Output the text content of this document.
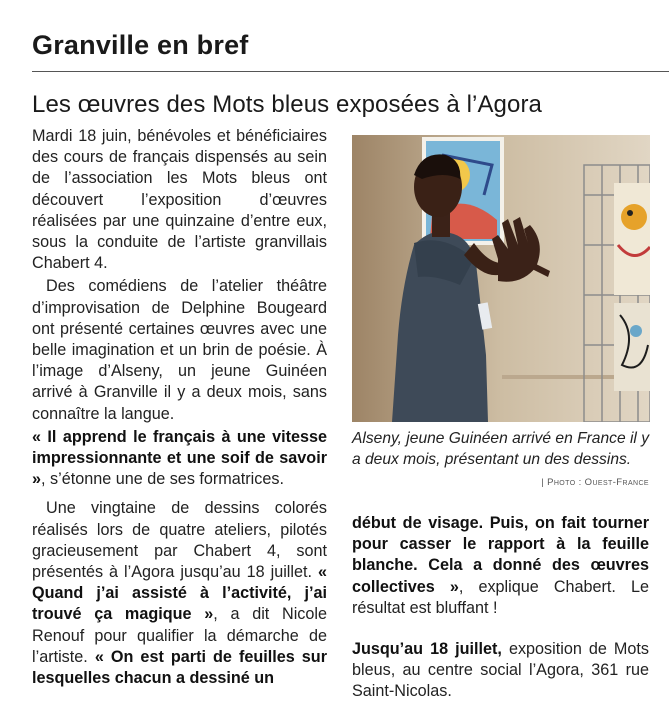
Granville en bref
Les œuvres des Mots bleus exposées à l’Agora

Mardi 18 juin, bénévoles et bénéficiaires des cours de français dispensés au sein de l’association les Mots bleus ont découvert l’exposition d’œuvres réalisées par une quinzaine d’entre eux, sous la conduite de l’artiste granvillais Chabert 4.

Des comédiens de l’atelier théâtre d’improvisation de Delphine Bougeard ont présenté certaines œuvres avec une belle imagination et un brin de poésie. À l’image d’Alseny, un jeune Guinéen arrivé à Granville il y a deux mois, sans connaître la langue.

« Il apprend le français à une vitesse impressionnante et une soif de savoir », s’étonne une de ses formatrices.

Une vingtaine de dessins colorés réalisés lors de quatre ateliers, pilotés gracieusement par Chabert 4, sont présentés à l’Agora jusqu’au 18 juillet. « Quand j’ai assisté à l’activité, j’ai trouvé ça magique », a dit Nicole Renouf pour qualifier la démarche de l’artiste. « On est parti de feuilles sur lesquelles chacun a dessiné un

Alseny, jeune Guinéen arrivé en France il y a deux mois, présentant un des dessins.
| Photo : Ouest-France

début de visage. Puis, on fait tourner pour casser le rapport à la feuille blanche. Cela a donné des œuvres collectives », explique Chabert. Le résultat est bluffant !

Jusqu’au 18 juillet, exposition de Mots bleus, au centre social l’Agora, 361 rue Saint-Nicolas.
